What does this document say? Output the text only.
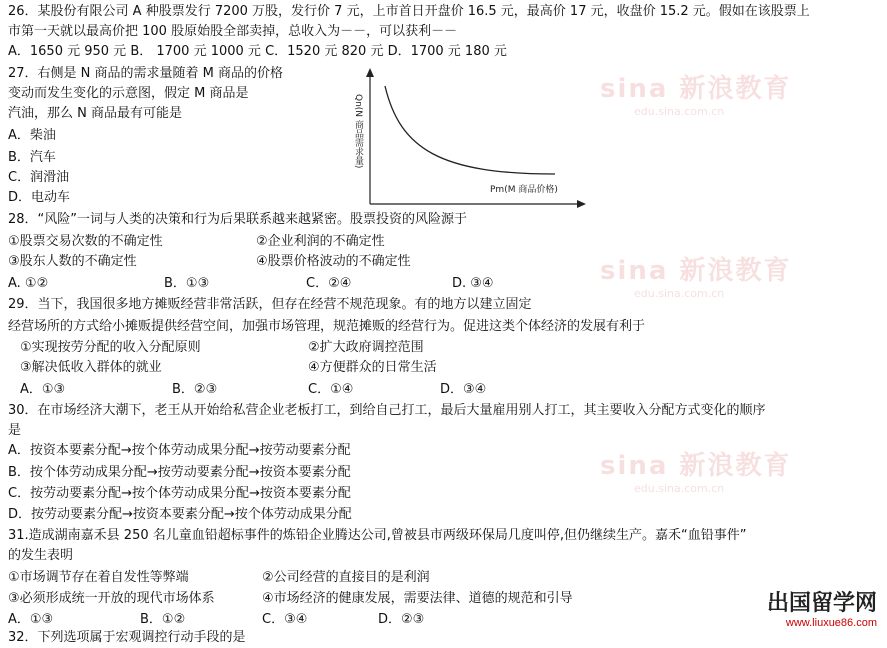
sina 新浪教育
edu.sina.com.cn
sina 新浪教育
edu.sina.com.cn
sina 新浪教育
edu.sina.com.cn
26．某股份有限公司 A 种股票发行 7200 万股，发行价 7 元，上市首日开盘价 16.5 元，最高价 17 元，收盘价 15.2 元。假如在该股票上
市第一天就以最高价把 100 股原始股全部卖掉，总收入为－－，可以获利－－
A．1650 元 950 元 B． 1700 元 1000 元 C．1520 元 820 元 D．1700 元 180 元
27．右侧是 N 商品的需求量随着 M 商品的价格
变动而发生变化的示意图，假定 M 商品是
汽油，那么 N 商品最有可能是
A．柴油
B．汽车
C．润滑油
D．电动车
Qn(N 商品需求量)
Pm(M 商品价格)
28．“风险”一词与人类的决策和行为后果联系越来越紧密。股票投资的风险源于
①股票交易次数的不确定性	②企业利润的不确定性
③股东人数的不确定性	④股票价格波动的不确定性
A. ①②	B．①③	C．②④	D. ③④
29．当下，我国很多地方摊贩经营非常活跃，但存在经营不规范现象。有的地方以建立固定
经营场所的方式给小摊贩提供经营空间，加强市场管理，规范摊贩的经营行为。促进这类个体经济的发展有利于
①实现按劳分配的收入分配原则	②扩大政府调控范围
③解决低收入群体的就业	④方便群众的日常生活
A．①③	B．②③	C．①④	D．③④
30．在市场经济大潮下，老王从开始给私营企业老板打工，到给自己打工，最后大量雇用别人打工，其主要收入分配方式变化的顺序
是
A．按资本要素分配→按个体劳动成果分配→按劳动要素分配
B．按个体劳动成果分配→按劳动要素分配→按资本要素分配
C．按劳动要素分配→按个体劳动成果分配→按资本要素分配
D．按劳动要素分配→按资本要素分配→按个体劳动成果分配
31.造成湖南嘉禾县 250 名儿童血铅超标事件的炼铅企业腾达公司,曾被县市两级环保局几度叫停,但仍继续生产。嘉禾“血铅事件”
的发生表明
①市场调节存在着自发性等弊端	②公司经营的直接目的是利润
③必须形成统一开放的现代市场体系	④市场经济的健康发展，需要法律、道德的规范和引导
A．①③	B．①②	C．③④	D．②③
32．下列选项属于宏观调控行动手段的是
出国留学网
www.liuxue86.com
